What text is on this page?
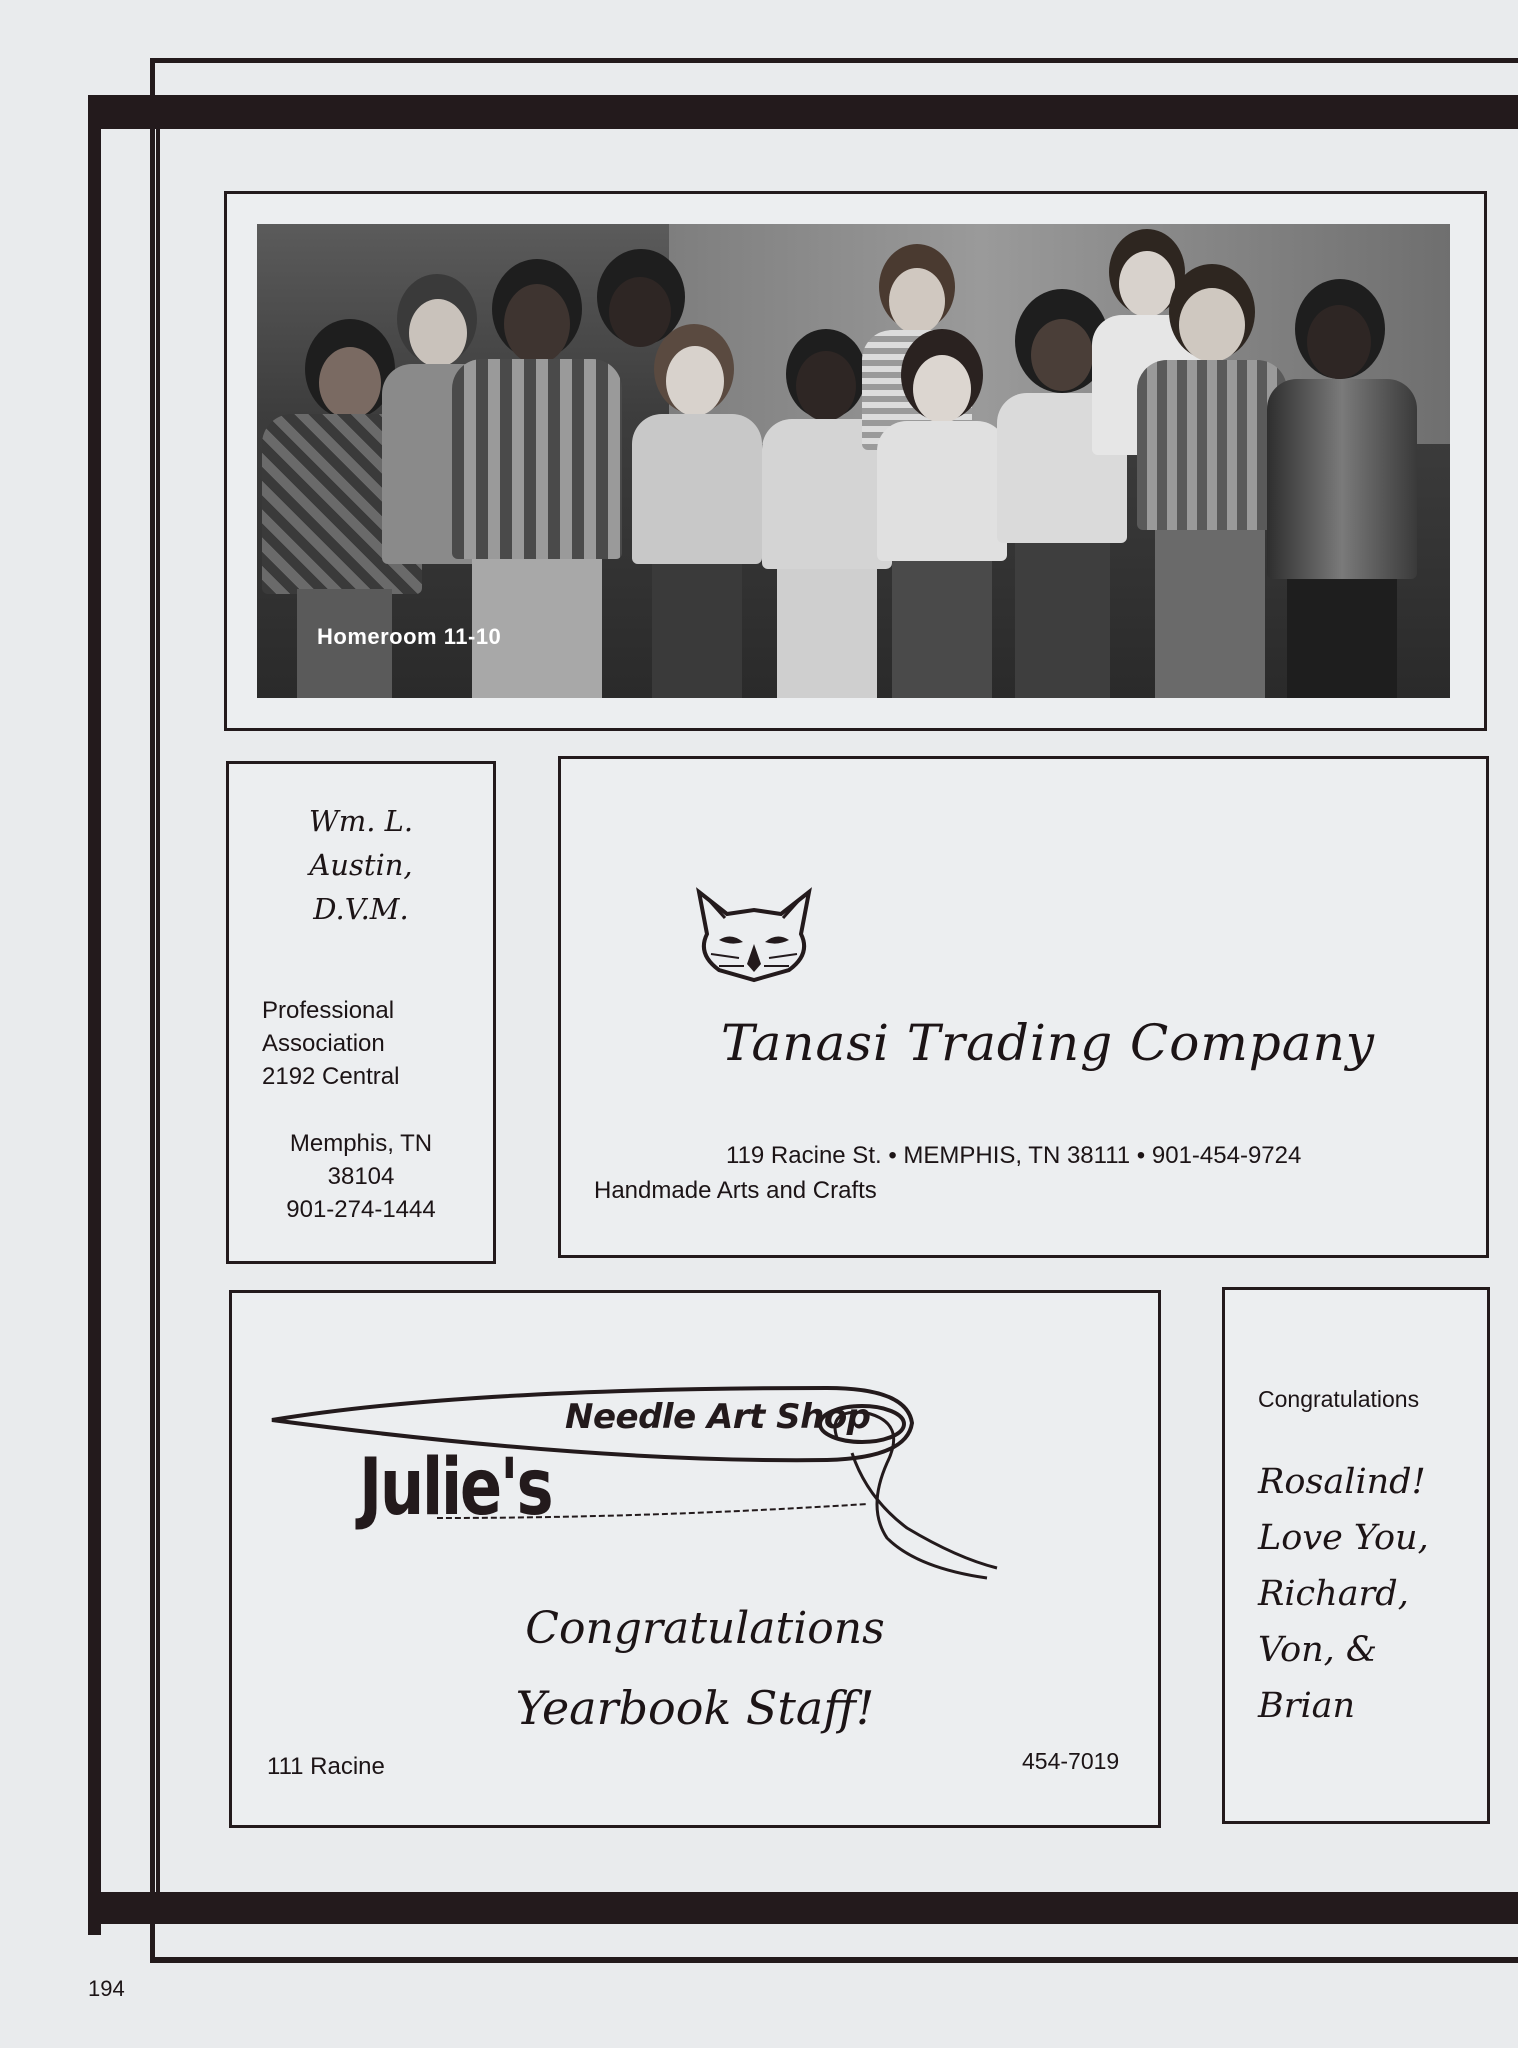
Homeroom 11-10
Wm. L.
Austin,
D.V.M.
Professional
Association
2192 Central
Memphis, TN
38104
901-274-1444
Tanasi Trading Company
119 Racine St. • MEMPHIS, TN 38111 • 901-454-9724
Handmade Arts and Crafts
Needle Art Shop
Julie's
Congratulations
Yearbook Staff!
111 Racine	454-7019
Congratulations
Rosalind!
Love You,
Richard,
Von, &
Brian
194
